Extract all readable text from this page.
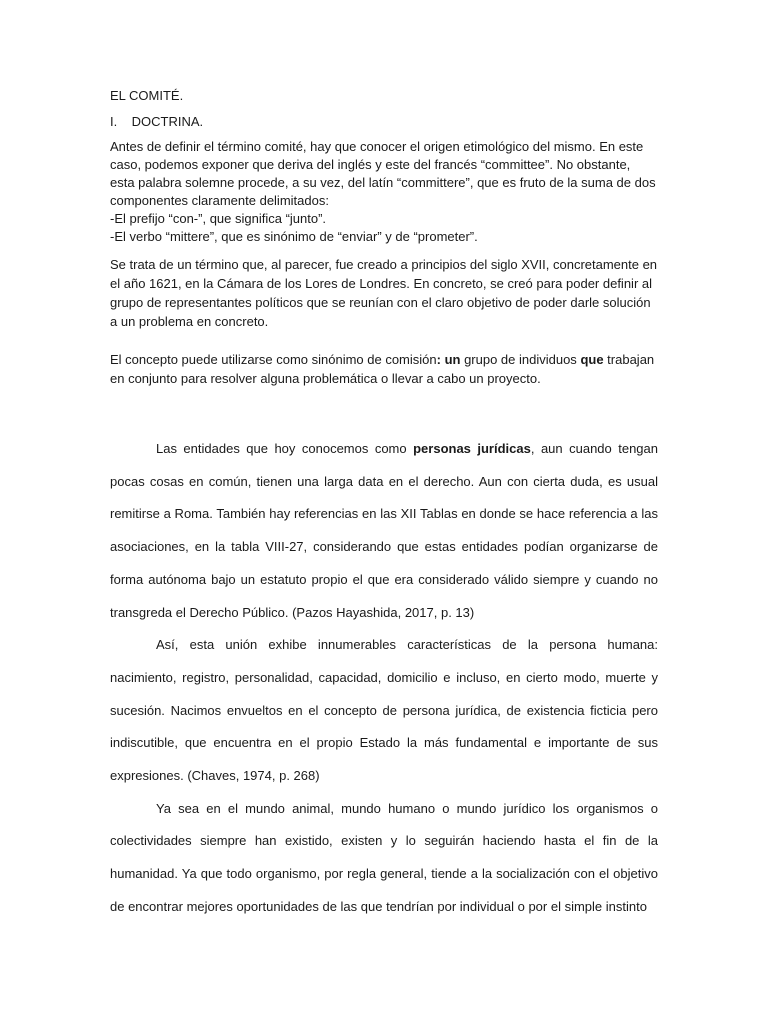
EL COMITÉ.
I. DOCTRINA.
Antes de definir el término comité, hay que conocer el origen etimológico del mismo. En este
caso, podemos exponer que deriva del inglés y este del francés “committee”. No obstante,
esta palabra solemne procede, a su vez, del latín “committere”, que es fruto de la suma de dos
componentes claramente delimitados:
-El prefijo “con-”, que significa “junto”.
-El verbo “mittere”, que es sinónimo de “enviar” y de “prometer”.
Se trata de un término que, al parecer, fue creado a principios del siglo XVII, concretamente en
el año 1621, en la Cámara de los Lores de Londres. En concreto, se creó para poder definir al
grupo de representantes políticos que se reunían con el claro objetivo de poder darle solución
a un problema en concreto.
El concepto puede utilizarse como sinónimo de comisión: un grupo de individuos que trabajan
en conjunto para resolver alguna problemática o llevar a cabo un proyecto.

Las entidades que hoy conocemos como personas jurídicas, aun cuando tengan pocas cosas en común, tienen una larga data en el derecho. Aun con cierta duda, es usual remitirse a Roma. También hay referencias en las XII Tablas en donde se hace referencia a las asociaciones, en la tabla VIII-27, considerando que estas entidades podían organizarse de forma autónoma bajo un estatuto propio el que era considerado válido siempre y cuando no transgreda el Derecho Público. (Pazos Hayashida, 2017, p. 13)

Así, esta unión exhibe innumerables características de la persona humana: nacimiento, registro, personalidad, capacidad, domicilio e incluso, en cierto modo, muerte y sucesión. Nacimos envueltos en el concepto de persona jurídica, de existencia ficticia pero indiscutible, que encuentra en el propio Estado la más fundamental e importante de sus expresiones. (Chaves, 1974, p. 268)

Ya sea en el mundo animal, mundo humano o mundo jurídico los organismos o colectividades siempre han existido, existen y lo seguirán haciendo hasta el fin de la humanidad. Ya que todo organismo, por regla general, tiende a la socialización con el objetivo de encontrar mejores oportunidades de las que tendrían por individual o por el simple instinto
